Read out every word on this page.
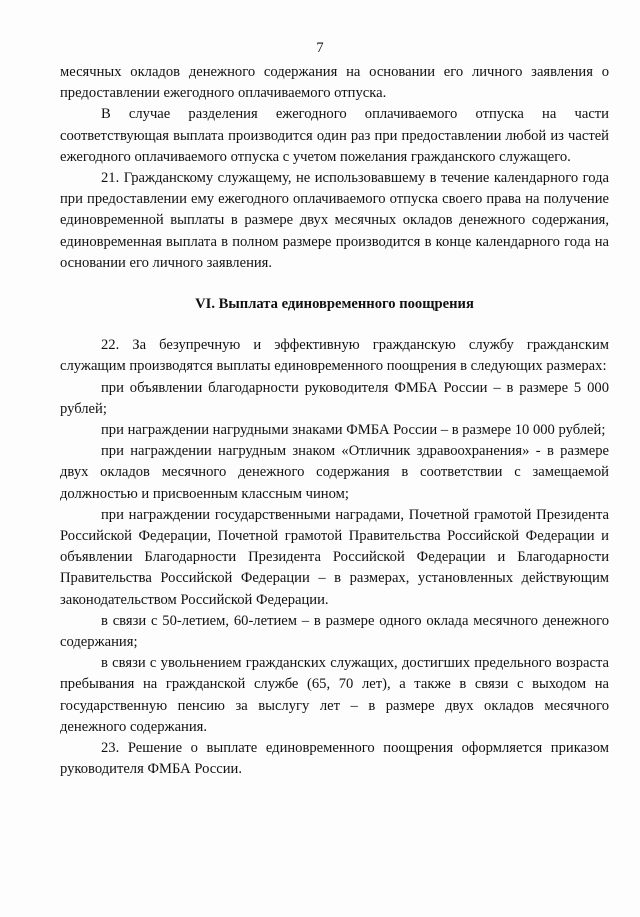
7

месячных окладов денежного содержания на основании его личного заявления о предоставлении ежегодного оплачиваемого отпуска.

В случае разделения ежегодного оплачиваемого отпуска на части соответствующая выплата производится один раз при предоставлении любой из частей ежегодного оплачиваемого отпуска с учетом пожелания гражданского служащего.

21. Гражданскому служащему, не использовавшему в течение календарного года при предоставлении ему ежегодного оплачиваемого отпуска своего права на получение единовременной выплаты в размере двух месячных окладов денежного содержания, единовременная выплата в полном размере производится в конце календарного года на основании его личного заявления.

VI. Выплата единовременного поощрения

22. За безупречную и эффективную гражданскую службу гражданским служащим производятся выплаты единовременного поощрения в следующих размерах:

при объявлении благодарности руководителя ФМБА России – в размере 5 000 рублей;

при награждении нагрудными знаками ФМБА России – в размере 10 000 рублей;

при награждении нагрудным знаком «Отличник здравоохранения» - в размере двух окладов месячного денежного содержания в соответствии с замещаемой должностью и присвоенным классным чином;

при награждении государственными наградами, Почетной грамотой Президента Российской Федерации, Почетной грамотой Правительства Российской Федерации и объявлении Благодарности Президента Российской Федерации и Благодарности Правительства Российской Федерации – в размерах, установленных действующим законодательством Российской Федерации.

в связи с 50-летием, 60-летием – в размере одного оклада месячного денежного содержания;

в связи с увольнением гражданских служащих, достигших предельного возраста пребывания на гражданской службе (65, 70 лет), а также в связи с выходом на государственную пенсию за выслугу лет – в размере двух окладов месячного денежного содержания.

23. Решение о выплате единовременного поощрения оформляется приказом руководителя ФМБА России.
